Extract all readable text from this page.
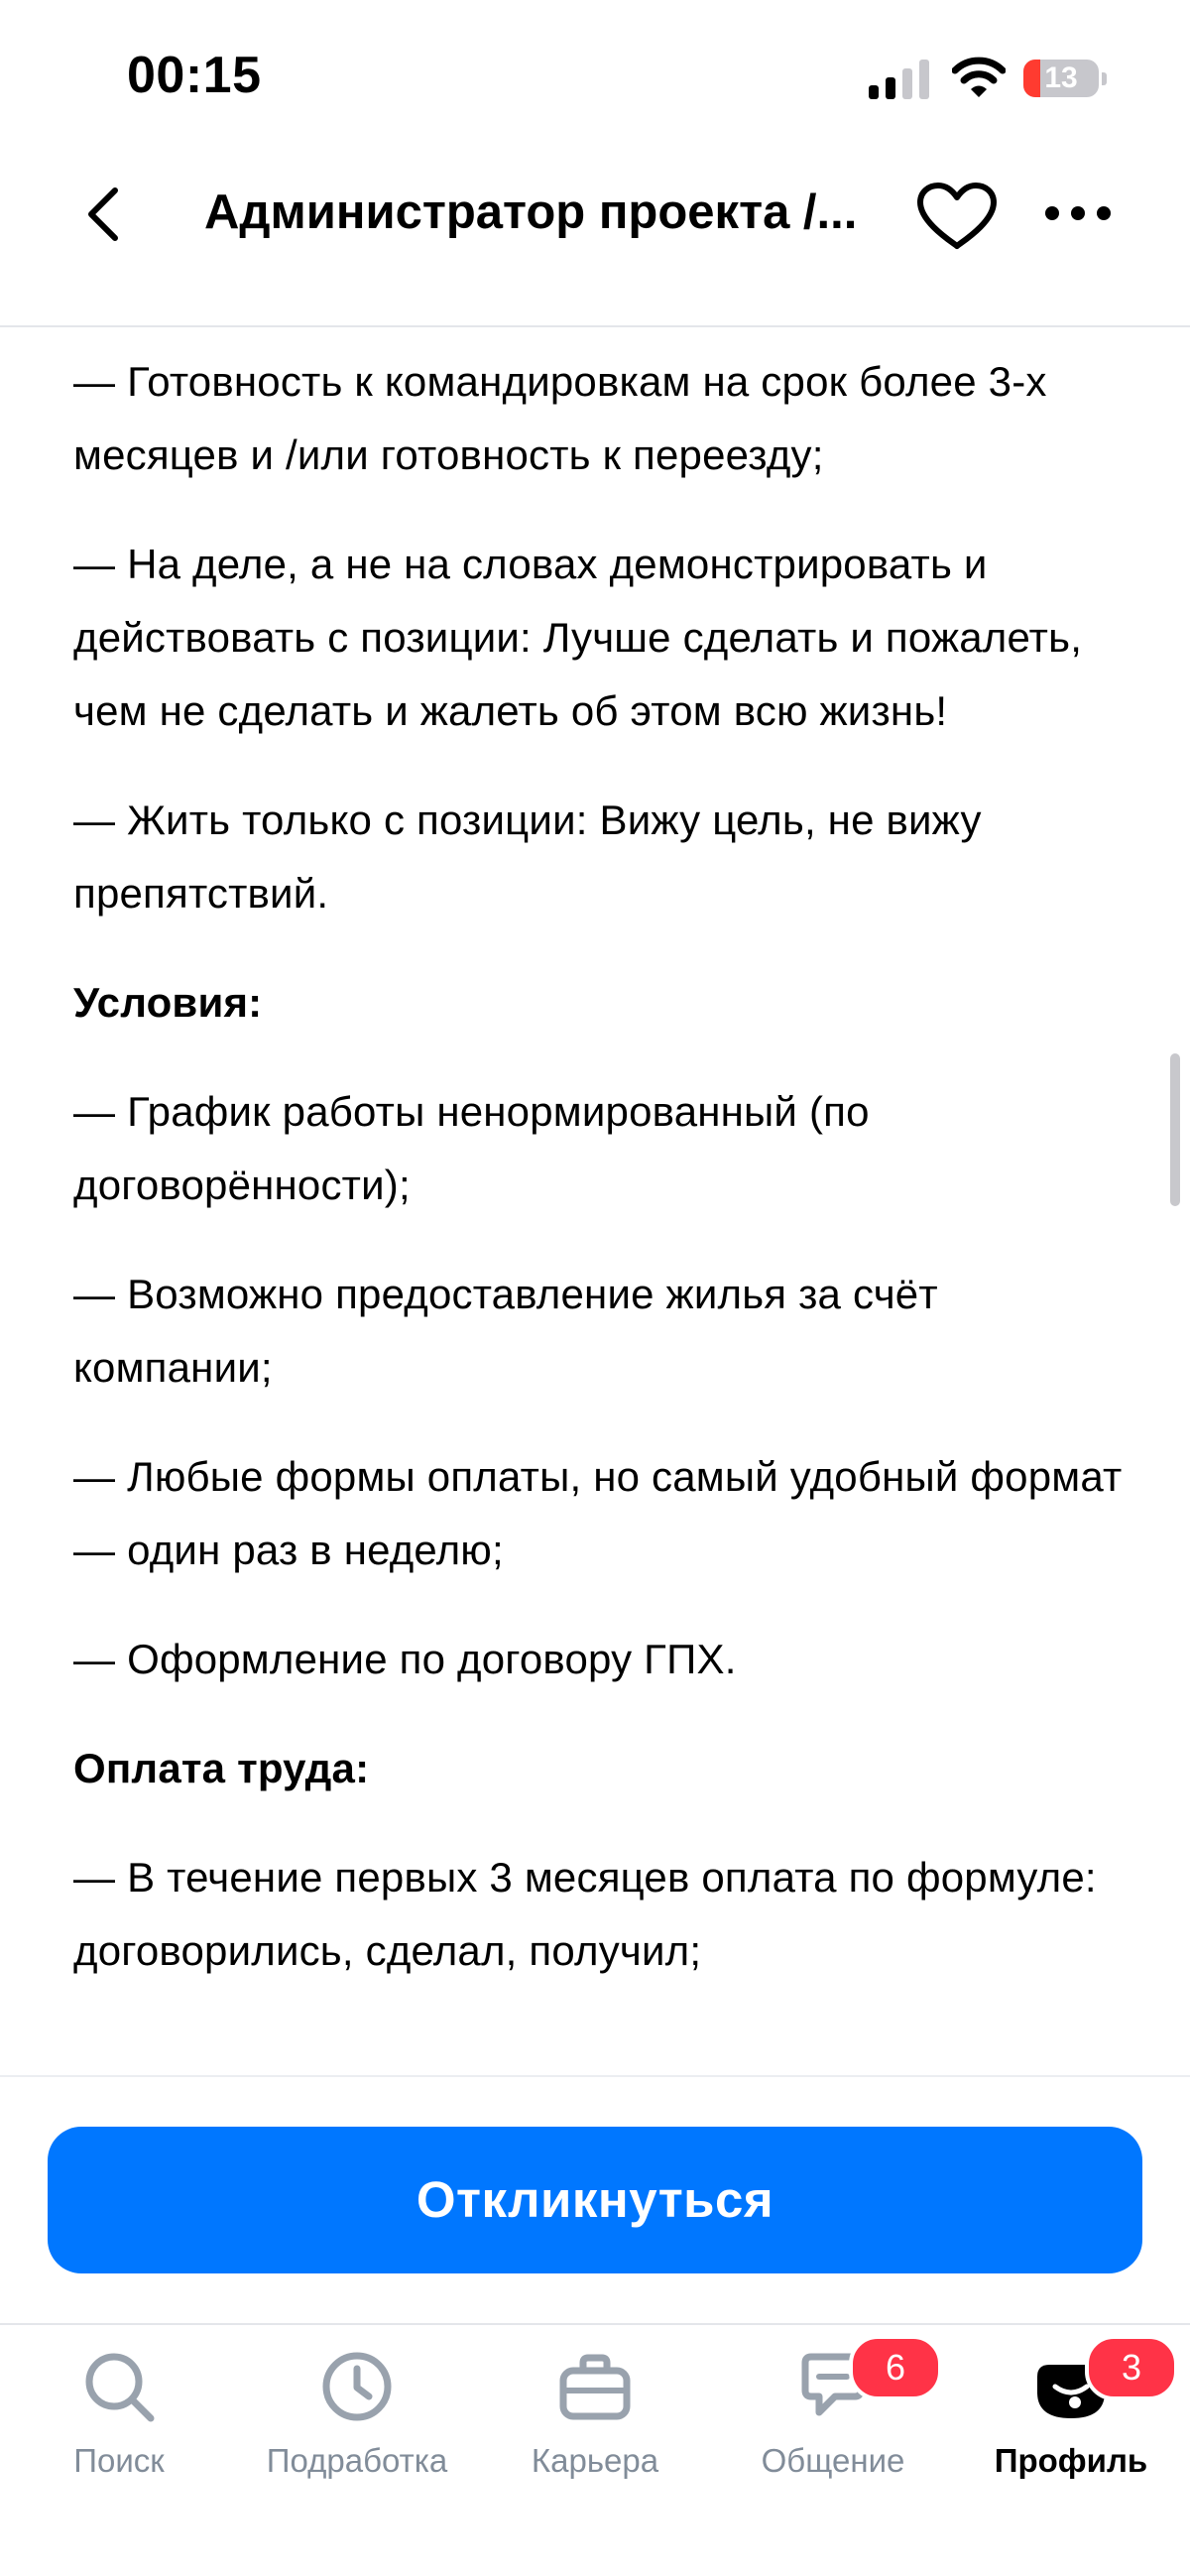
00:15	13
Администратор проекта /...

— Готовность к командировкам на срок более 3-х месяцев и /или готовность к переезду;

— На деле, а не на словах демонстрировать и действовать с позиции: Лучше сделать и пожалеть, чем не сделать и жалеть об этом всю жизнь!

— Жить только с позиции: Вижу цель, не вижу препятствий.

Условия:

— График работы ненормированный (по договорённости);

— Возможно предоставление жилья за счёт компании;

— Любые формы оплаты, но самый удобный формат — один раз в неделю;

— Оформление по договору ГПХ.

Оплата труда:

— В течение первых 3 месяцев оплата по формуле: договорились, сделал, получил;

Откликнуться
Поиск	Подработка	Карьера
6
Общение
3
Профиль
